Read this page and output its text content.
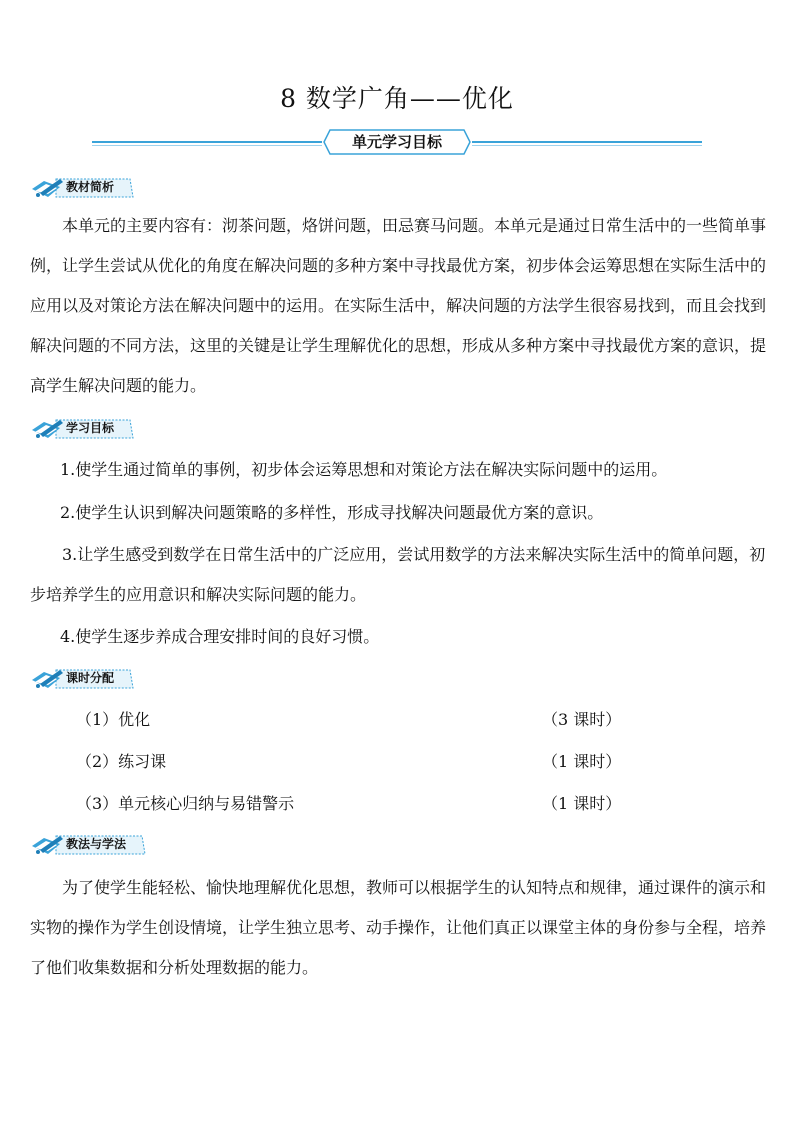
8 数学广角——优化
单元学习目标
教材简析

本单元的主要内容有：沏茶问题，烙饼问题，田忌赛马问题。本单元是通过日常生活中的一些简单事例，让学生尝试从优化的角度在解决问题的多种方案中寻找最优方案，初步体会运筹思想在实际生活中的应用以及对策论方法在解决问题中的运用。在实际生活中，解决问题的方法学生很容易找到，而且会找到解决问题的不同方法，这里的关键是让学生理解优化的思想，形成从多种方案中寻找最优方案的意识，提高学生解决问题的能力。

学习目标

1.使学生通过简单的事例，初步体会运筹思想和对策论方法在解决实际问题中的运用。

2.使学生认识到解决问题策略的多样性，形成寻找解决问题最优方案的意识。

3.让学生感受到数学在日常生活中的广泛应用，尝试用数学的方法来解决实际生活中的简单问题，初步培养学生的应用意识和解决实际问题的能力。

4.使学生逐步养成合理安排时间的良好习惯。

课时分配
（1）优化	（3 课时）
（2）练习课	（1 课时）
（3）单元核心归纳与易错警示	（1 课时）
教法与学法

为了使学生能轻松、愉快地理解优化思想，教师可以根据学生的认知特点和规律，通过课件的演示和实物的操作为学生创设情境，让学生独立思考、动手操作，让他们真正以课堂主体的身份参与全程，培养了他们收集数据和分析处理数据的能力。
